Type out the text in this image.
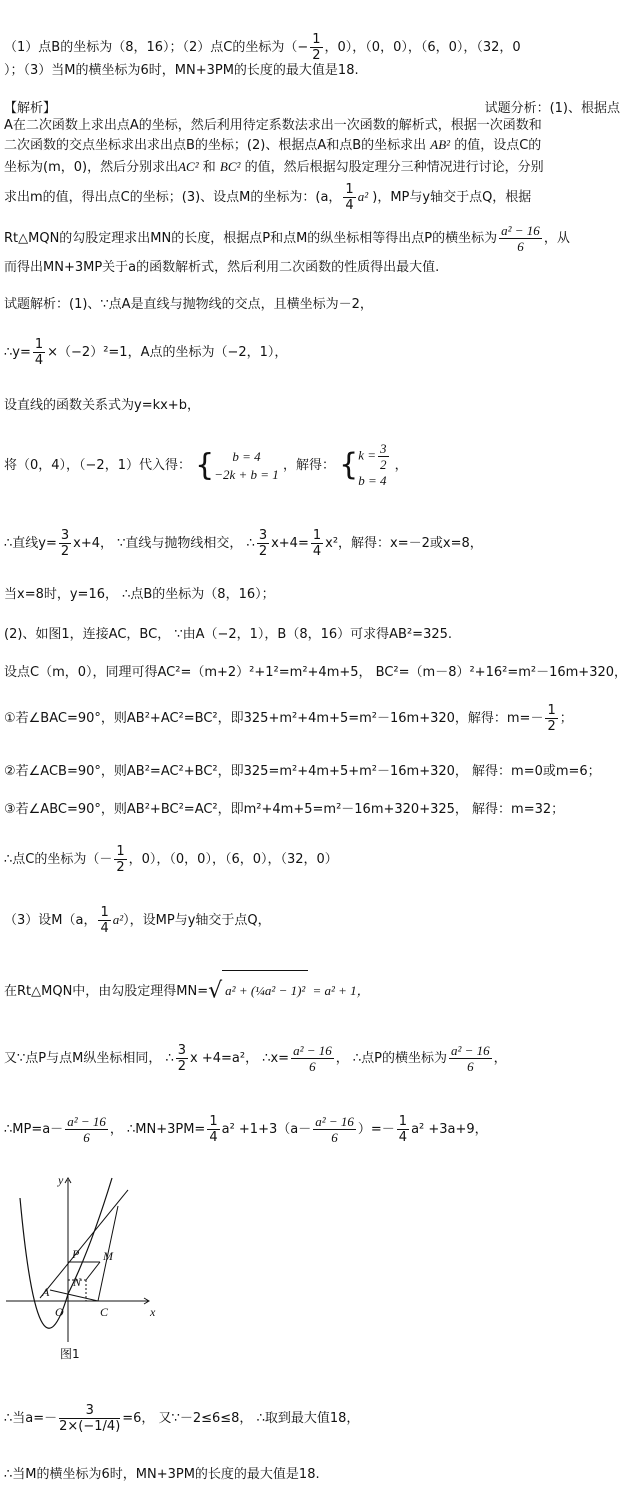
（1）点B的坐标为（8，16）；（2）点C的坐标为（− $\frac{1}{2}$ ，0），（0，0），（6，0），（32，0
）；（3）当M的横坐标为6时，MN+3PM的长度的最大值是18.
【解析】	试题分析：(1)、根据点
A在二次函数上求出点A的坐标，然后利用待定系数法求出一次函数的解析式，根据一次函数和
二次函数的交点坐标求出求出点B的坐标；(2)、根据点A和点B的坐标求出 AB² 的值，设点C的
坐标为(m，0)，然后分别求出AC² 和 BC² 的值，然后根据勾股定理分三种情况进行讨论，分别
求出m的值，得出点C的坐标；(3)、设点M的坐标为：(a， $\frac{1}{4} a^2$ )，MP与y轴交于点Q，根据
Rt△MQN的勾股定理求出MN的长度，根据点P和点M的纵坐标相等得出点P的横坐标为 $\frac{\text{a² − 16}}{6}$ ，从
而得出MN+3MP关于a的函数解析式，然后利用二次函数的性质得出最大值.
试题解析：(1)、∵点A是直线与抛物线的交点，且横坐标为－2，
∴y= $\frac{1}{4} \times(-2)^2=1$，A点的坐标为（−2，1），
设直线的函数关系式为y=kx+b，
将（0，4），（−2，1）代入得： {	b = 4
−2k + b = 1
，解得： { $k = \frac{3}{2}$
b = 4
，
∴直线$y= \frac{3}{2} x+4$， ∵直线与抛物线相交， ∴ $\frac{3}{2} x+4= \frac{1}{4} x^2$，解得：x=－2或x=8，
当x=8时，y=16， ∴点B的坐标为（8，16）；
(2)、如图1，连接AC，BC， ∵由A（−2，1），B（8，16）可求得AB²=325.
设点C（m，0），同理可得AC²=（m+2）²+1²=m²+4m+5， BC²=（m－8）²+16²=m²－16m+320，
①若∠BAC=90°，则AB²+AC²=BC²，即325+m²+4m+5=m²－16m+320，解得：$m=- \frac{1}{2}$ ；
②若∠ACB=90°，则AB²=AC²+BC²，即325=m²+4m+5+m²－16m+320， 解得：m=0或m=6；
③若∠ABC=90°，则AB²+BC²=AC²，即m²+4m+5=m²－16m+320+325， 解得：m=32；
∴点C的坐标为（－ $\frac{1}{2}$ ，0），（0，0），（6，0），（32，0）
（3）设M（a， $\frac{1}{4} a^2$），设MP与y轴交于点Q，
在Rt△MQN中，由勾股定理得MN=√ a² + (¼a² − 1)² = a² + 1，
又∵点P与点M纵坐标相同， ∴ $\frac{3}{2}$ x +4=a²， ∴x= $\frac{\text{a² − 16}}{6}$ ， ∴点P的横坐标为 $\frac{\text{a² − 16}}{6}$ ，
∴MP=a－ $\frac{\text{a² − 16}}{6}$ ， ∴MN+3PM= $\frac{1}{4} a^2 +1+3(a- \frac{\text{a² − 16}}{6}$ ）=－ $\frac{1}{4} a^2 +3a+9$，
y
x
O
A
C
P M
N
图1
∴当$a=- \frac{3}{2\times(-1/4)} =6$， 又∵－2≤6≤8， ∴取到最大值18，
∴当M的横坐标为6时，MN+3PM的长度的最大值是18.
